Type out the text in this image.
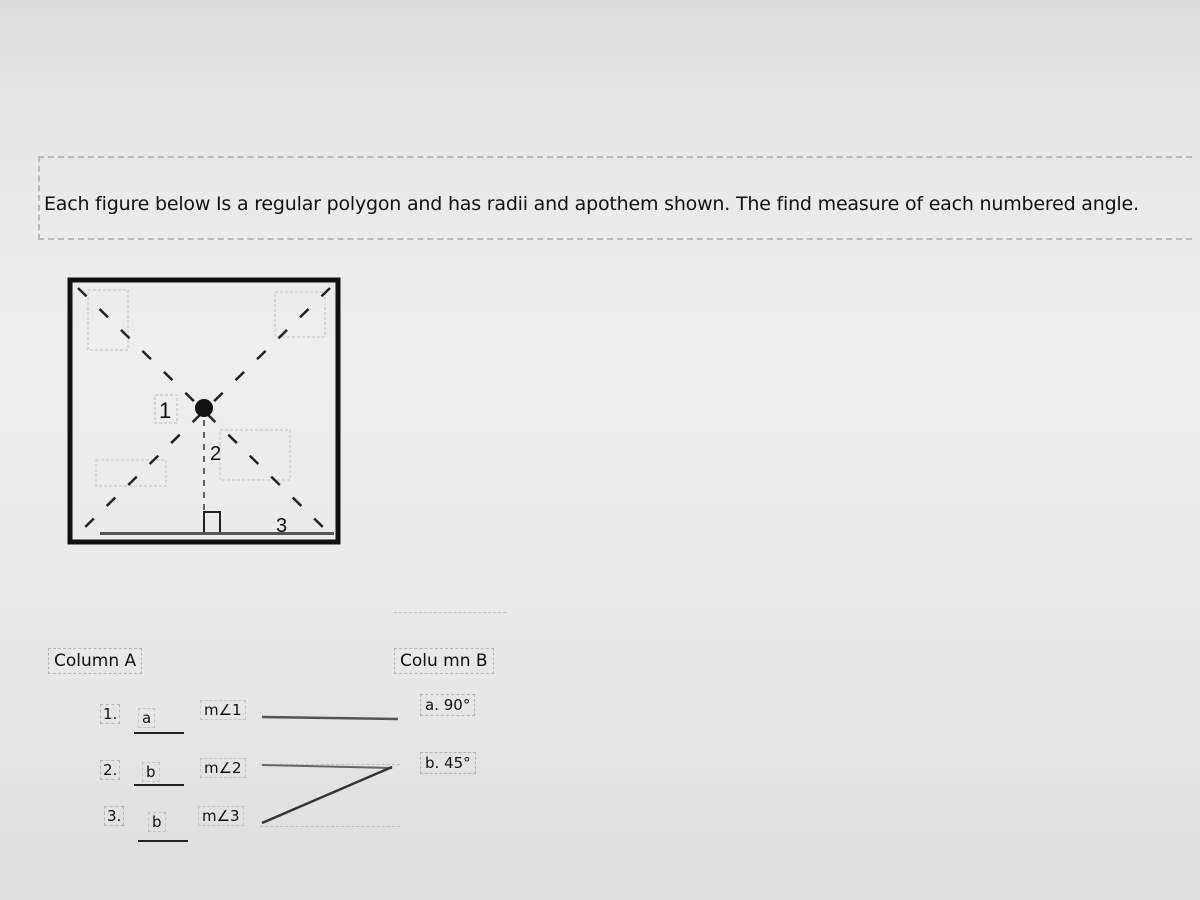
Each figure below Is a regular polygon and has radii and apothem shown. The find measure of each numbered angle.
1
2
3
Column A
1. a	m∠1
2. b	m∠2
3. b	m∠3
Colu mn B
a. 90°
b. 45°
